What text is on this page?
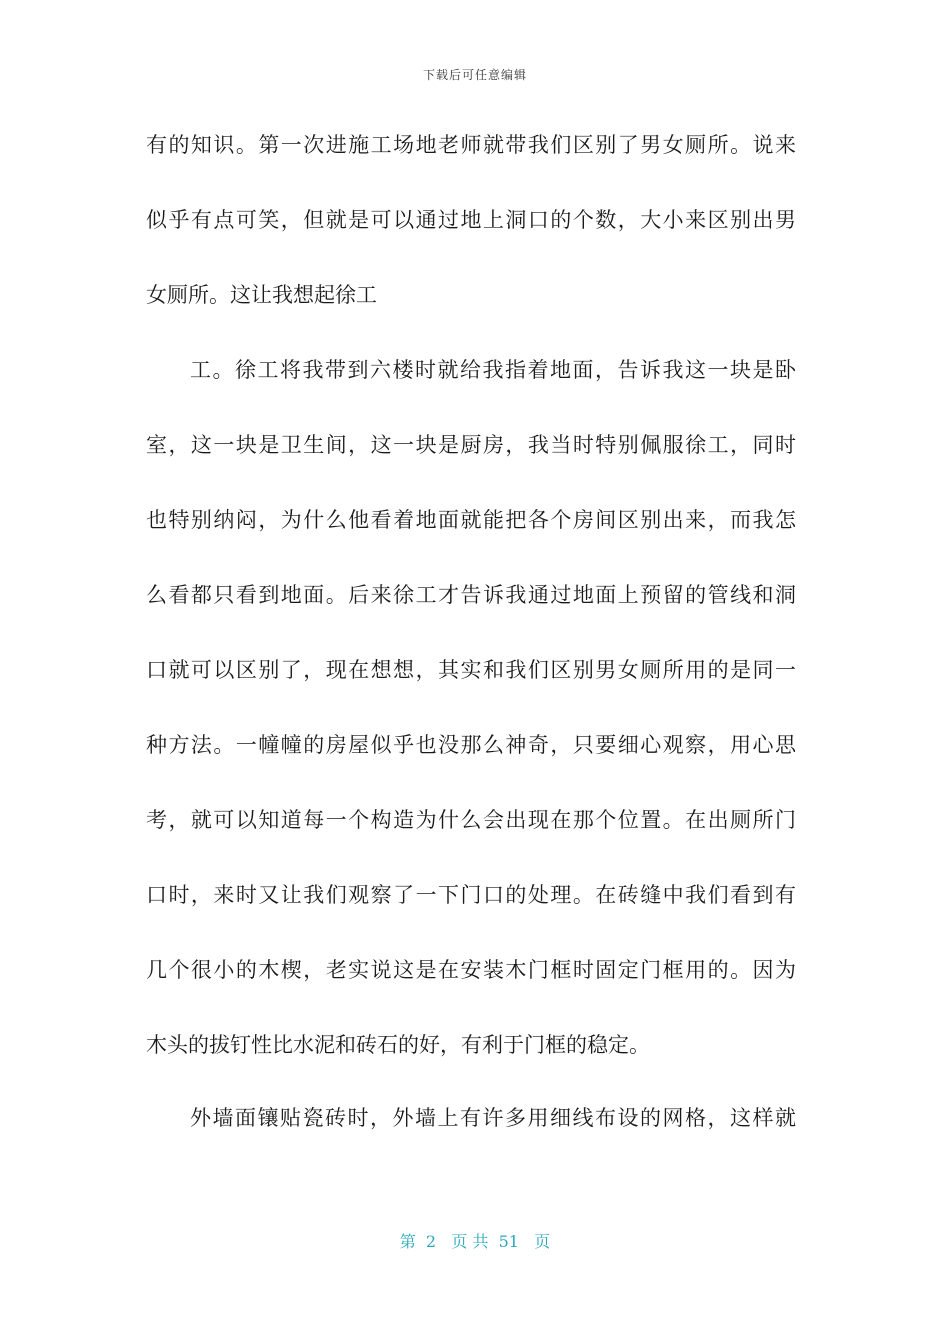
下载后可任意编辑
有的知识。第一次进施工场地老师就带我们区别了男女厕所。说来
似乎有点可笑，但就是可以通过地上洞口的个数，大小来区别出男
女厕所。这让我想起徐工
工。徐工将我带到六楼时就给我指着地面，告诉我这一块是卧
室，这一块是卫生间，这一块是厨房，我当时特别佩服徐工，同时
也特别纳闷，为什么他看着地面就能把各个房间区别出来，而我怎
么看都只看到地面。后来徐工才告诉我通过地面上预留的管线和洞
口就可以区别了，现在想想，其实和我们区别男女厕所用的是同一
种方法。一幢幢的房屋似乎也没那么神奇，只要细心观察，用心思
考，就可以知道每一个构造为什么会出现在那个位置。在出厕所门
口时，来时又让我们观察了一下门口的处理。在砖缝中我们看到有
几个很小的木楔，老实说这是在安装木门框时固定门框用的。因为
木头的拔钉性比水泥和砖石的好，有利于门框的稳定。
外墙面镶贴瓷砖时，外墙上有许多用细线布设的网格，这样就
第  2   页 共  51   页
